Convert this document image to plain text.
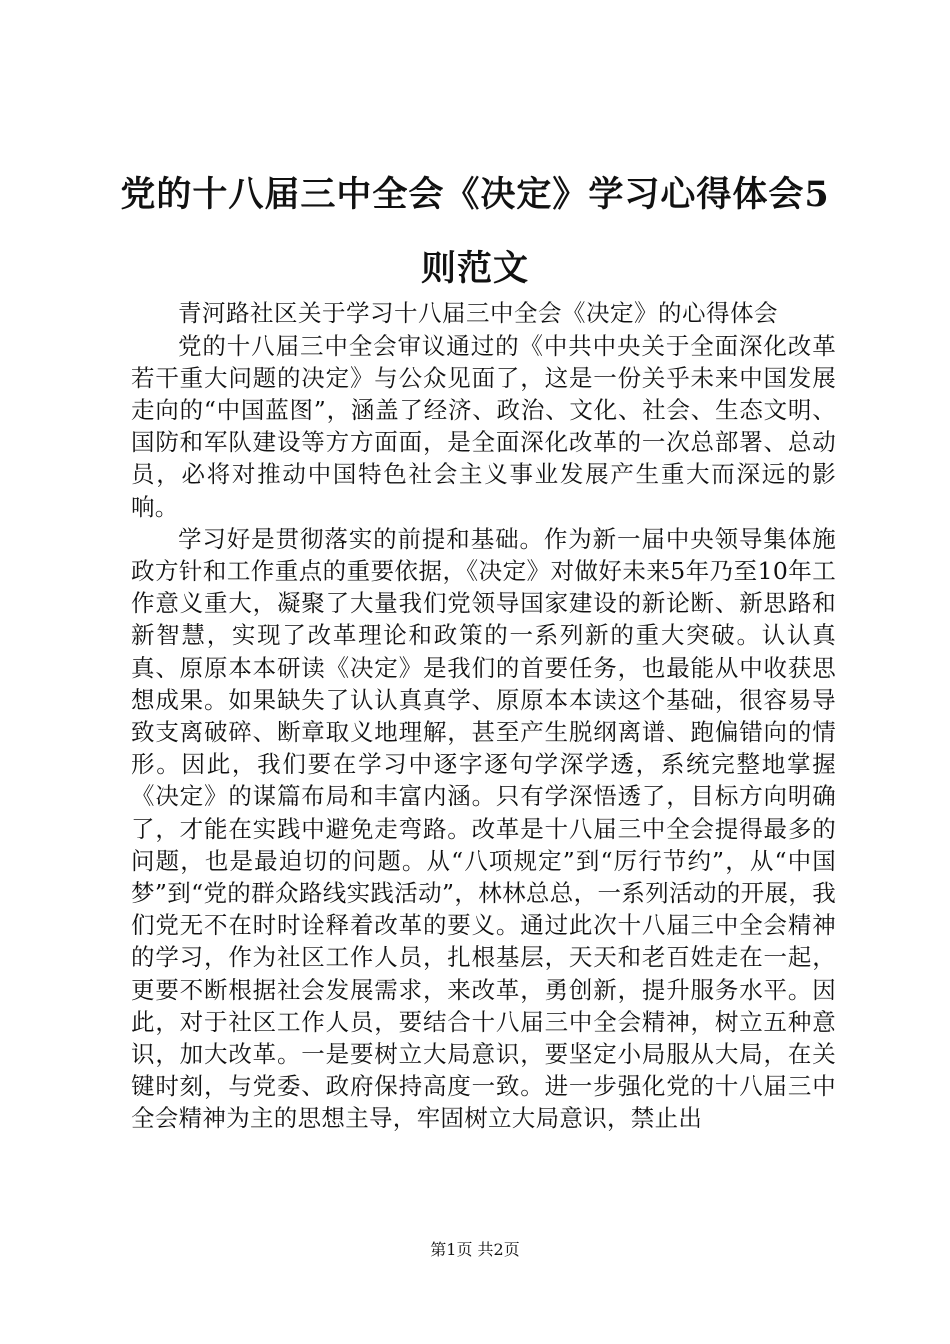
党的十八届三中全会《决定》学习心得体会5则范文

青河路社区关于学习十八届三中全会《决定》的心得体会

党的十八届三中全会审议通过的《中共中央关于全面深化改革若干重大问题的决定》与公众见面了，这是一份关乎未来中国发展走向的“中国蓝图”，涵盖了经济、政治、文化、社会、生态文明、国防和军队建设等方方面面，是全面深化改革的一次总部署、总动员，必将对推动中国特色社会主义事业发展产生重大而深远的影响。

学习好是贯彻落实的前提和基础。作为新一届中央领导集体施政方针和工作重点的重要依据，《决定》对做好未来5年乃至10年工作意义重大，凝聚了大量我们党领导国家建设的新论断、新思路和新智慧，实现了改革理论和政策的一系列新的重大突破。认认真真、原原本本研读《决定》是我们的首要任务，也最能从中收获思想成果。如果缺失了认认真真学、原原本本读这个基础，很容易导致支离破碎、断章取义地理解，甚至产生脱纲离谱、跑偏错向的情形。因此，我们要在学习中逐字逐句学深学透，系统完整地掌握《决定》的谋篇布局和丰富内涵。只有学深悟透了，目标方向明确了，才能在实践中避免走弯路。改革是十八届三中全会提得最多的问题，也是最迫切的问题。从“八项规定”到“厉行节约”，从“中国梦”到“党的群众路线实践活动”，林林总总，一系列活动的开展，我们党无不在时时诠释着改革的要义。通过此次十八届三中全会精神的学习，作为社区工作人员，扎根基层，天天和老百姓走在一起，更要不断根据社会发展需求，来改革，勇创新，提升服务水平。因此，对于社区工作人员，要结合十八届三中全会精神，树立五种意识，加大改革。一是要树立大局意识，要坚定小局服从大局，在关键时刻，与党委、政府保持高度一致。进一步强化党的十八届三中全会精神为主的思想主导，牢固树立大局意识，禁止出

第1页 共2页
